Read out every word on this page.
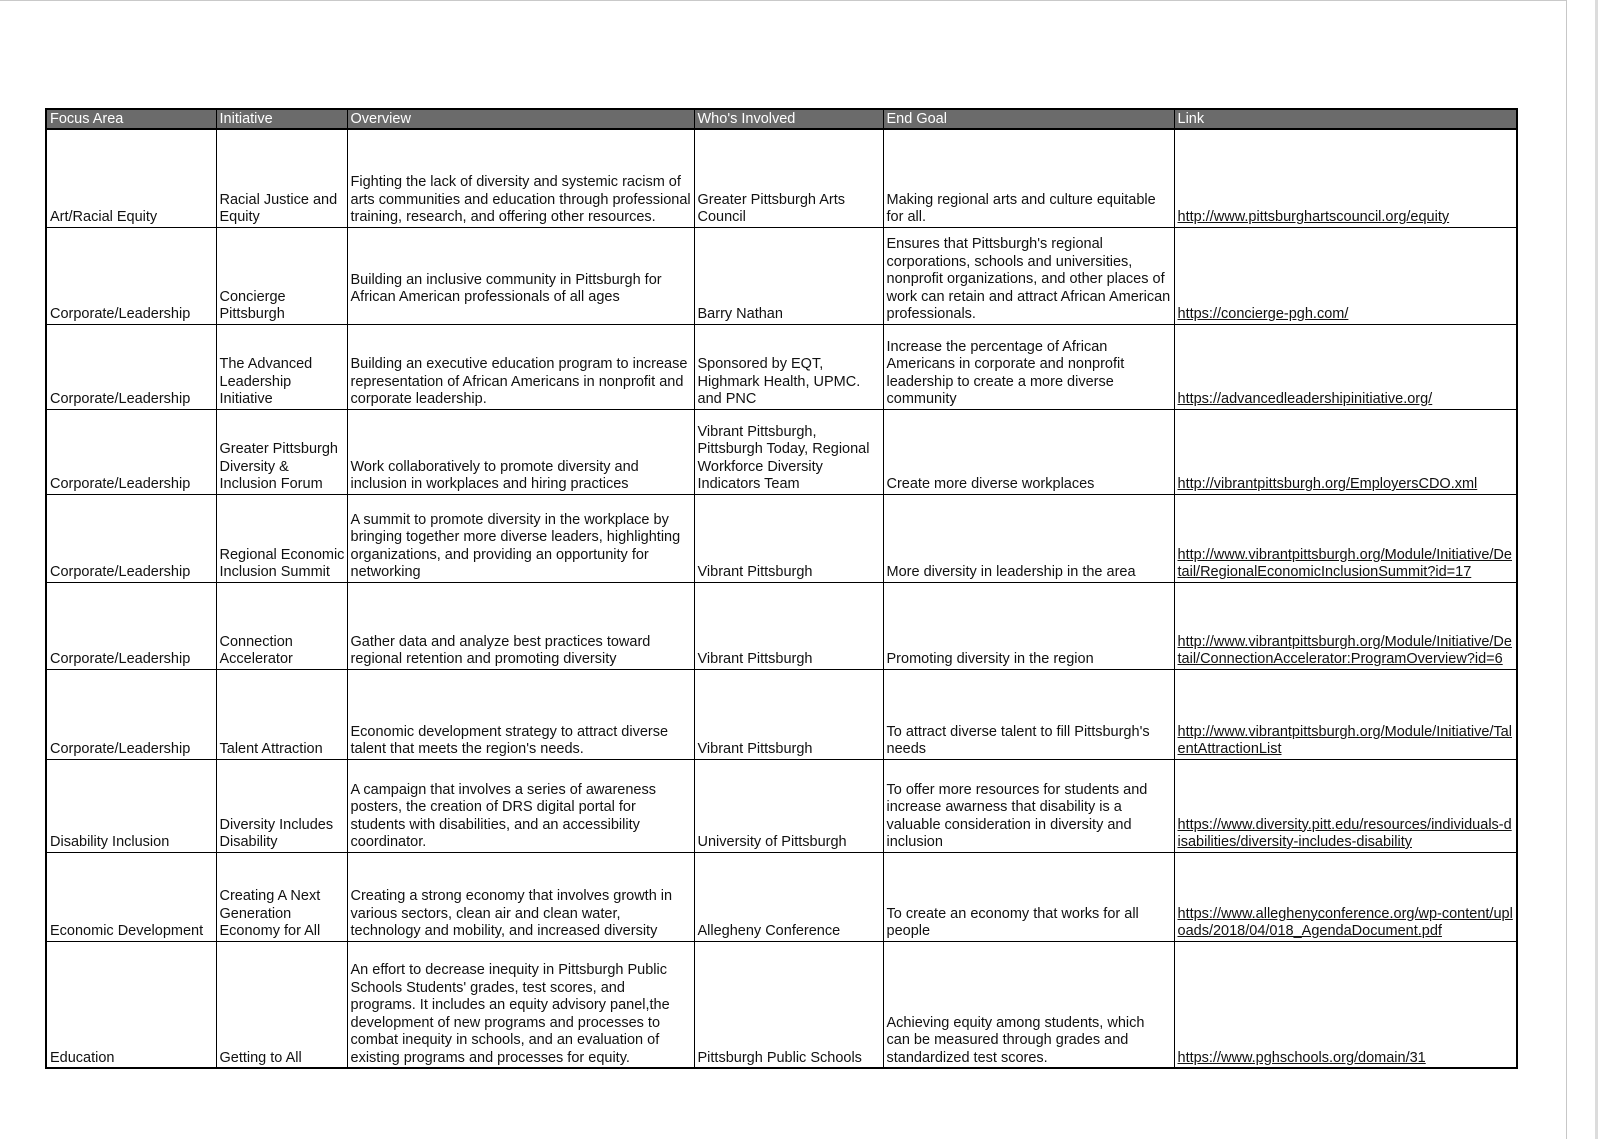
Focus Area	Initiative	Overview	Who's Involved	End Goal	Link
Art/Racial Equity	Racial Justice and Equity	Fighting the lack of diversity and systemic racism of arts communities and education through professional training, research, and offering other resources.	Greater Pittsburgh Arts Council	Making regional arts and culture equitable for all.	http://www.pittsburghartscouncil.org/equity
Corporate/Leadership	Concierge Pittsburgh	Building an inclusive community in Pittsburgh for African American professionals of all ages	Barry Nathan	Ensures that Pittsburgh's regional corporations, schools and universities, nonprofit organizations, and other places of work can retain and attract African American professionals.	https://concierge-pgh.com/
Corporate/Leadership	The Advanced Leadership Initiative	Building an executive education program to increase representation of African Americans in nonprofit and corporate leadership.	Sponsored by EQT, Highmark Health, UPMC. and PNC	Increase the percentage of African Americans in corporate and nonprofit leadership to create a more diverse community	https://advancedleadershipinitiative.org/
Corporate/Leadership	Greater Pittsburgh Diversity & Inclusion Forum	Work collaboratively to promote diversity and inclusion in workplaces and hiring practices	Vibrant Pittsburgh, Pittsburgh Today, Regional Workforce Diversity Indicators Team	Create more diverse workplaces	http://vibrantpittsburgh.org/EmployersCDO.xml
Corporate/Leadership	Regional Economic Inclusion Summit	A summit to promote diversity in the workplace by bringing together more diverse leaders, highlighting organizations, and providing an opportunity for networking	Vibrant Pittsburgh	More diversity in leadership in the area	http://www.vibrantpittsburgh.org/Module/Initiative/Detail/RegionalEconomicInclusionSummit?id=17
Corporate/Leadership	Connection Accelerator	Gather data and analyze best practices toward regional retention and promoting diversity	Vibrant Pittsburgh	Promoting diversity in the region	http://www.vibrantpittsburgh.org/Module/Initiative/Detail/ConnectionAccelerator:ProgramOverview?id=6
Corporate/Leadership	Talent Attraction	Economic development strategy to attract diverse talent that meets the region's needs.	Vibrant Pittsburgh	To attract diverse talent to fill Pittsburgh's needs	http://www.vibrantpittsburgh.org/Module/Initiative/TalentAttractionList
Disability Inclusion	Diversity Includes Disability	A campaign that involves a series of awareness posters, the creation of DRS digital portal for students with disabilities, and an accessibility coordinator.	University of Pittsburgh	To offer more resources for students and increase awarness that disability is a valuable consideration in diversity and inclusion	https://www.diversity.pitt.edu/resources/individuals-disabilities/diversity-includes-disability
Economic Development	Creating A Next Generation Economy for All	Creating a strong economy that involves growth in various sectors, clean air and clean water, technology and mobility, and increased diversity	Allegheny Conference	To create an economy that works for all people	https://www.alleghenyconference.org/wp-content/uploads/2018/04/018_AgendaDocument.pdf
Education	Getting to All	An effort to decrease inequity in Pittsburgh Public Schools Students' grades, test scores, and programs. It includes an equity advisory panel,the development of new programs and processes to combat inequity in schools, and an evaluation of existing programs and processes for equity.	Pittsburgh Public Schools	Achieving equity among students, which can be measured through grades and standardized test scores.	https://www.pghschools.org/domain/31
